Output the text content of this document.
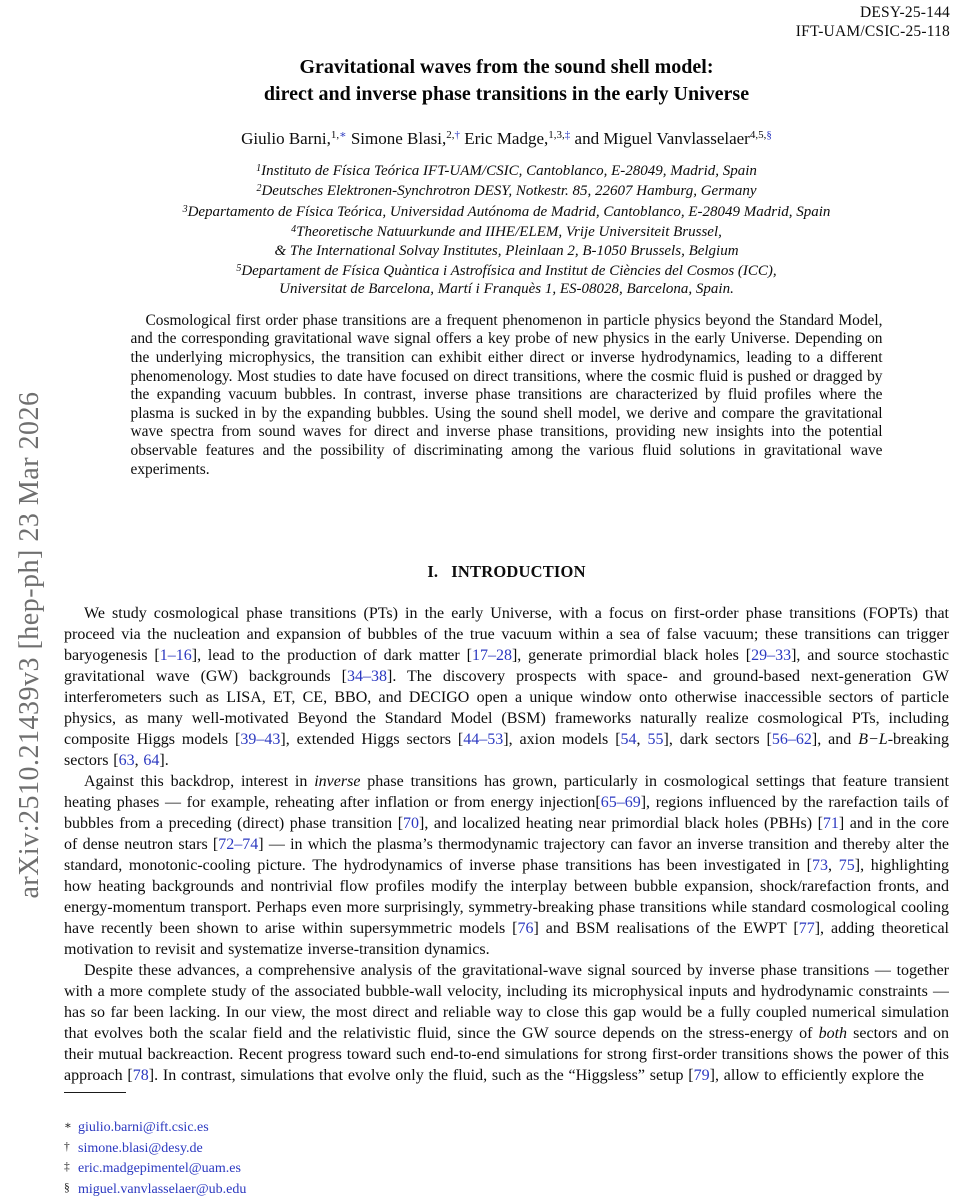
arXiv:2510.21439v3 [hep-ph] 23 Mar 2026
DESY-25-144
IFT-UAM/CSIC-25-118
Gravitational waves from the sound shell model:
direct and inverse phase transitions in the early Universe
Giulio Barni,$^{1,∗}$ Simone Blasi,$^{2,\dagger}$ Eric Madge,$^{1,3,\ddagger}$ and Miguel Vanvlasselaer$^{4,5,\S}$
$^1$Instituto de Física Teórica IFT-UAM/CSIC, Cantoblanco, E-28049, Madrid, Spain
$^2$Deutsches Elektronen-Synchrotron DESY, Notkestr. 85, 22607 Hamburg, Germany
$^3$Departamento de Física Teórica, Universidad Autónoma de Madrid, Cantoblanco, E-28049 Madrid, Spain
$^4$Theoretische Natuurkunde and IIHE/ELEM, Vrije Universiteit Brussel,
& The International Solvay Institutes, Pleinlaan 2, B-1050 Brussels, Belgium
$^5$Departament de Física Quàntica i Astrofísica and Institut de Ciències del Cosmos (ICC),
Universitat de Barcelona, Martí i Franquès 1, ES-08028, Barcelona, Spain.
Cosmological first order phase transitions are a frequent phenomenon in particle physics beyond the Standard Model, and the corresponding gravitational wave signal offers a key probe of new physics in the early Universe. Depending on the underlying microphysics, the transition can exhibit either direct or inverse hydrodynamics, leading to a different phenomenology. Most studies to date have focused on direct transitions, where the cosmic fluid is pushed or dragged by the expanding vacuum bubbles. In contrast, inverse phase transitions are characterized by fluid profiles where the plasma is sucked in by the expanding bubbles. Using the sound shell model, we derive and compare the gravitational wave spectra from sound waves for direct and inverse phase transitions, providing new insights into the potential observable features and the possibility of discriminating among the various fluid solutions in gravitational wave experiments.
I. INTRODUCTION

We study cosmological phase transitions (PTs) in the early Universe, with a focus on first-order phase transitions (FOPTs) that proceed via the nucleation and expansion of bubbles of the true vacuum within a sea of false vacuum; these transitions can trigger baryogenesis [1–16], lead to the production of dark matter [17–28], generate primordial black holes [29–33], and source stochastic gravitational wave (GW) backgrounds [34–38]. The discovery prospects with space- and ground-based next-generation GW interferometers such as LISA, ET, CE, BBO, and DECIGO open a unique window onto otherwise inaccessible sectors of particle physics, as many well-motivated Beyond the Standard Model (BSM) frameworks naturally realize cosmological PTs, including composite Higgs models [39–43], extended Higgs sectors [44–53], axion models [54, 55], dark sectors [56–62], and B−L-breaking sectors [63, 64].

Against this backdrop, interest in inverse phase transitions has grown, particularly in cosmological settings that feature transient heating phases — for example, reheating after inflation or from energy injection[65–69], regions influenced by the rarefaction tails of bubbles from a preceding (direct) phase transition [70], and localized heating near primordial black holes (PBHs) [71] and in the core of dense neutron stars [72–74] — in which the plasma’s thermodynamic trajectory can favor an inverse transition and thereby alter the standard, monotonic-cooling picture. The hydrodynamics of inverse phase transitions has been investigated in [73, 75], highlighting how heating backgrounds and nontrivial flow profiles modify the interplay between bubble expansion, shock/rarefaction fronts, and energy-momentum transport. Perhaps even more surprisingly, symmetry-breaking phase transitions while standard cosmological cooling have recently been shown to arise within supersymmetric models [76] and BSM realisations of the EWPT [77], adding theoretical motivation to revisit and systematize inverse-transition dynamics.

Despite these advances, a comprehensive analysis of the gravitational-wave signal sourced by inverse phase transitions — together with a more complete study of the associated bubble-wall velocity, including its microphysical inputs and hydrodynamic constraints — has so far been lacking. In our view, the most direct and reliable way to close this gap would be a fully coupled numerical simulation that evolves both the scalar field and the relativistic fluid, since the GW source depends on the stress-energy of both sectors and on their mutual backreaction. Recent progress toward such end-to-end simulations for strong first-order transitions shows the power of this approach [78]. In contrast, simulations that evolve only the fluid, such as the “Higgsless” setup [79], allow to efficiently explore the

∗ giulio.barni@ift.csic.es
† simone.blasi@desy.de
‡ eric.madgepimentel@uam.es
§ miguel.vanvlasselaer@ub.edu
